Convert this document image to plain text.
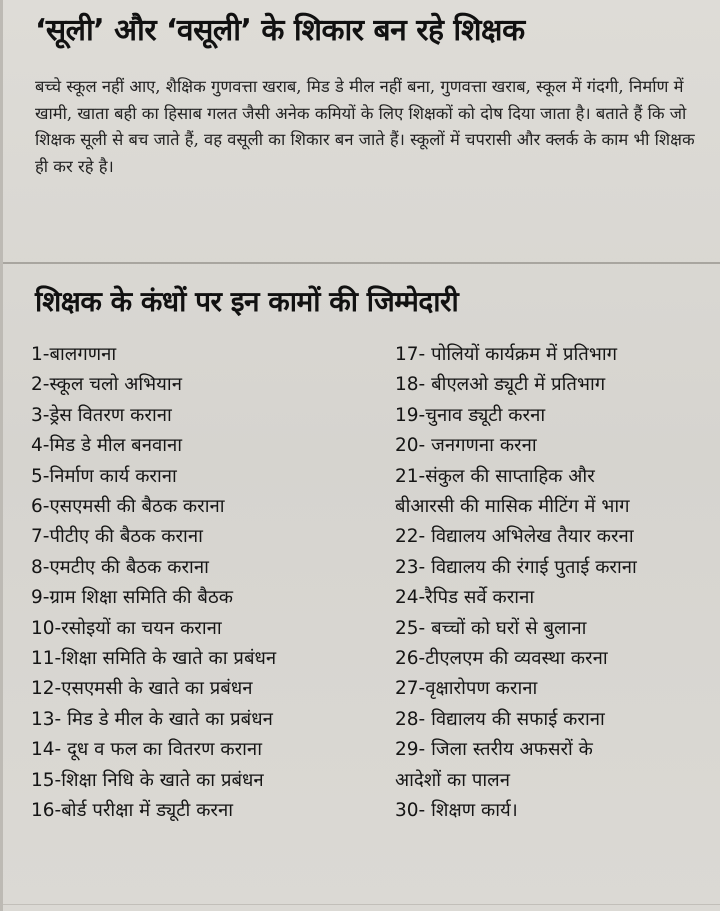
‘सूली’ और ‘वसूली’ के शिकार बन रहे शिक्षक
बच्चे स्कूल नहीं आए, शैक्षिक गुणवत्ता खराब, मिड डे मील नहीं बना, गुणवत्ता खराब, स्कूल में गंदगी, निर्माण में खामी, खाता बही का हिसाब गलत जैसी अनेक कमियों के लिए शिक्षकों को दोष दिया जाता है। बताते हैं कि जो शिक्षक सूली से बच जाते हैं, वह वसूली का शिकार बन जाते हैं। स्कूलों में चपरासी और क्लर्क के काम भी शिक्षक ही कर रहे है।
शिक्षक के कंधों पर इन कामों की जिम्मेदारी
1-बालगणना
2-स्कूल चलो अभियान
3-ड्रेस वितरण कराना
4-मिड डे मील बनवाना
5-निर्माण कार्य कराना
6-एसएमसी की बैठक कराना
7-पीटीए की बैठक कराना
8-एमटीए की बैठक कराना
9-ग्राम शिक्षा समिति की बैठक
10-रसोइयों का चयन कराना
11-शिक्षा समिति के खाते का प्रबंधन
12-एसएमसी के खाते का प्रबंधन
13- मिड डे मील के खाते का प्रबंधन
14- दूध व फल का वितरण कराना
15-शिक्षा निधि के खाते का प्रबंधन
16-बोर्ड परीक्षा में ड्यूटी करना
17- पोलियों कार्यक्रम में प्रतिभाग
18- बीएलओ ड्यूटी में प्रतिभाग
19-चुनाव ड्यूटी करना
20- जनगणना करना
21-संकुल की साप्ताहिक और
बीआरसी की मासिक मीटिंग में भाग
22- विद्यालय अभिलेख तैयार करना
23- विद्यालय की रंगाई पुताई कराना
24-रैपिड सर्वे कराना
25- बच्चों को घरों से बुलाना
26-टीएलएम की व्यवस्था करना
27-वृक्षारोपण कराना
28- विद्यालय की सफाई कराना
29- जिला स्तरीय अफसरों के
आदेशों का पालन
30- शिक्षण कार्य।
